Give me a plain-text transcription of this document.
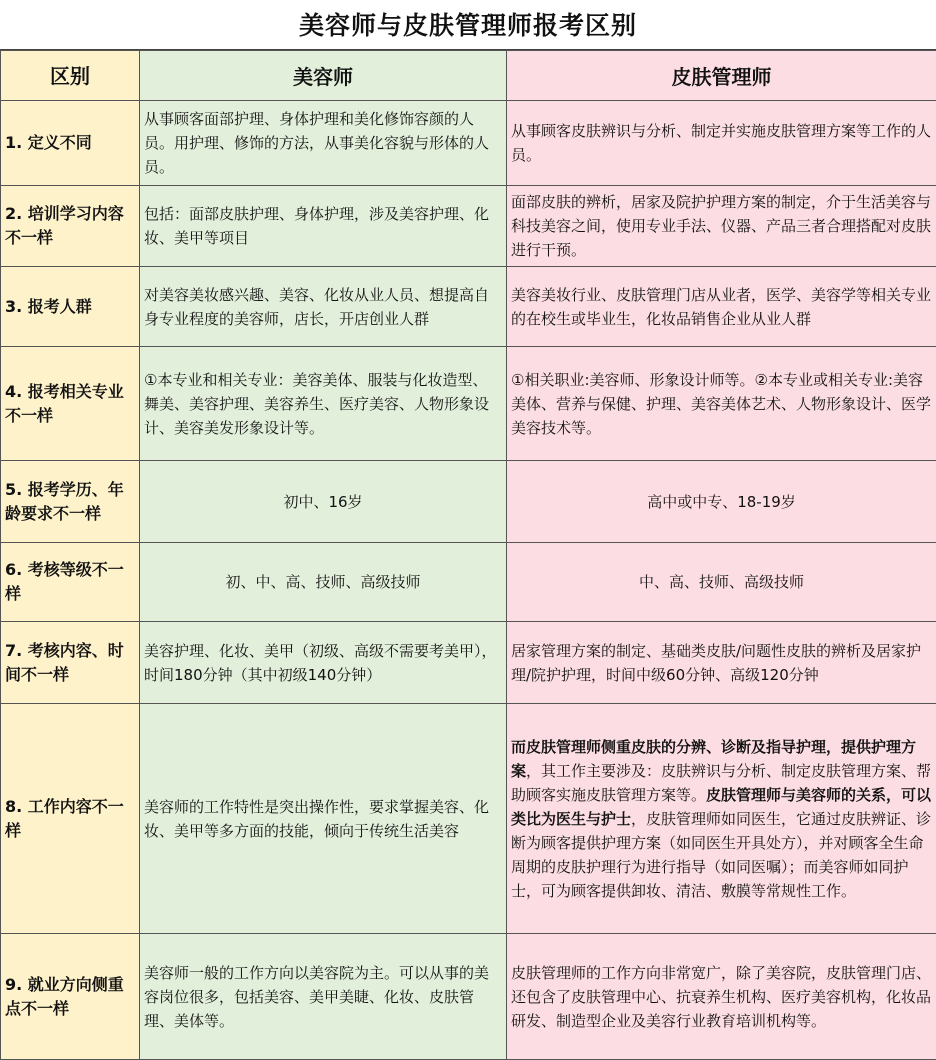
美容师与皮肤管理师报考区别
区别	美容师	皮肤管理师
1. 定义不同	从事顾客面部护理、身体护理和美化修饰容颜的人员。用护理、修饰的方法，从事美化容貌与形体的人员。	从事顾客皮肤辨识与分析、制定并实施皮肤管理方案等工作的人员。
2. 培训学习内容不一样	包括：面部皮肤护理、身体护理，涉及美容护理、化妆、美甲等项目	面部皮肤的辨析，居家及院护护理方案的制定，介于生活美容与科技美容之间，使用专业手法、仪器、产品三者合理搭配对皮肤进行干预。
3. 报考人群	对美容美妆感兴趣、美容、化妆从业人员、想提高自身专业程度的美容师，店长，开店创业人群	美容美妆行业、皮肤管理门店从业者，医学、美容学等相关专业的在校生或毕业生，化妆品销售企业从业人群
4. 报考相关专业不一样	①本专业和相关专业：美容美体、服装与化妆造型、舞美、美容护理、美容养生、医疗美容、人物形象设计、美容美发形象设计等。	①相关职业:美容师、形象设计师等。②本专业或相关专业:美容美体、营养与保健、护理、美容美体艺术、人物形象设计、医学美容技术等。
5. 报考学历、年龄要求不一样	初中、16岁	高中或中专、18-19岁
6. 考核等级不一样	初、中、高、技师、高级技师	中、高、技师、高级技师
7. 考核内容、时间不一样	美容护理、化妆、美甲（初级、高级不需要考美甲），时间180分钟（其中初级140分钟）	居家管理方案的制定、基础类皮肤/问题性皮肤的辨析及居家护理/院护护理，时间中级60分钟、高级120分钟
8. 工作内容不一样	美容师的工作特性是突出操作性，要求掌握美容、化妆、美甲等多方面的技能，倾向于传统生活美容	而皮肤管理师侧重皮肤的分辨、诊断及指导护理，提供护理方案，其工作主要涉及：皮肤辨识与分析、制定皮肤管理方案、帮助顾客实施皮肤管理方案等。皮肤管理师与美容师的关系，可以类比为医生与护士，皮肤管理师如同医生，它通过皮肤辨证、诊断为顾客提供护理方案（如同医生开具处方），并对顾客全生命周期的皮肤护理行为进行指导（如同医嘱）；而美容师如同护士，可为顾客提供卸妆、清洁、敷膜等常规性工作。
9. 就业方向侧重点不一样	美容师一般的工作方向以美容院为主。可以从事的美容岗位很多，包括美容、美甲美睫、化妆、皮肤管理、美体等。	皮肤管理师的工作方向非常宽广，除了美容院，皮肤管理门店、还包含了皮肤管理中心、抗衰养生机构、医疗美容机构，化妆品研发、制造型企业及美容行业教育培训机构等。
